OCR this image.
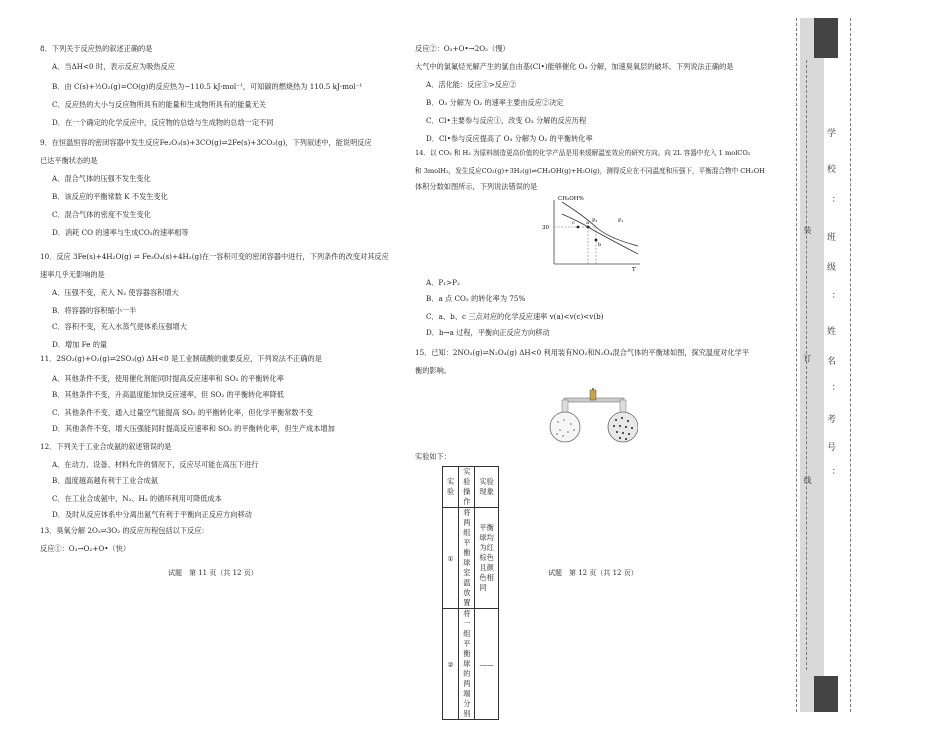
8．下列关于反应热的叙述正确的是
A．当ΔH<0 时，表示反应为吸热反应
B．由 C(s)+½O₂(g)=CO(g)的反应热为−110.5 kJ·mol⁻¹，可知碳的燃烧热为 110.5 kJ·mol⁻¹
C．反应热的大小与反应物所具有的能量和生成物所具有的能量无关
D．在一个确定的化学反应中，反应物的总焓与生成物的总焓一定不同
9．在恒温恒容的密闭容器中发生反应Fe₂O₃(s)+3CO(g)⇌2Fe(s)+3CO₂(g)，下列叙述中，能说明反应
已达平衡状态的是
A．混合气体的压强不发生变化
B．该反应的平衡常数 K 不发生变化
C．混合气体的密度不发生变化
D．消耗 CO 的速率与生成CO₂的速率相等
10．反应 3Fe(s)+4H₂O(g) ⇌ Fe₃O₄(s)+4H₂(g)在一容积可变的密闭容器中进行，下列条件的改变对其反应
速率几乎无影响的是
A．压强不变，充入 N₂ 使容器容积增大
B．将容器的容积缩小一半
C．容积不变，充入水蒸气使体系压强增大
D．增加 Fe 的量
11．2SO₂(g)+O₂(g)⇌2SO₃(g) ΔH<0 是工业制硫酸的重要反应，下列说法不正确的是
A．其他条件不变，使用催化剂能同时提高反应速率和 SO₂ 的平衡转化率
B．其他条件不变，升高温度能加快反应速率，但 SO₂ 的平衡转化率降低
C．其他条件不变，通入过量空气能提高 SO₂ 的平衡转化率，但化学平衡常数不变
D．其他条件不变，增大压强能同时提高反应速率和 SO₂ 的平衡转化率，但生产成本增加
12．下列关于工业合成氨的叙述错误的是
A．在动力、设备、材料允许的情况下，反应尽可能在高压下进行
B．温度越高越有利于工业合成氨
C．在工业合成氨中，N₂、H₂ 的循环利用可降低成本
D．及时从反应体系中分离出氨气有利于平衡向正反应方向移动
13．臭氧分解 2O₃⇌3O₂ 的反应历程包括以下反应：
反应①：O₃→O₂+O•（快）
试题　第 11 页（共 12 页）
反应②：O₃+O•→2O₂（慢）
大气中的氯氟烃光解产生的氯自由基(Cl•)能够催化 O₃ 分解，加速臭氧层的破坏。下列说法正确的是
A．活化能：反应①>反应②
B．O₃ 分解为 O₂ 的速率主要由反应②决定
C．Cl•主要参与反应①，改变 O₃ 分解的反应历程
D．Cl•参与反应提高了 O₃ 分解为 O₂ 的平衡转化率
14．以 CO₂ 和 H₂ 为原料制造更高价值的化学产品是用来缓解温室效应的研究方向。向 2L 容器中充入 1 molCO₂
和 3molH₂，发生反应CO₂(g)+3H₂(g)⇌CH₃OH(g)+H₂O(g)，测得反应在不同温度和压强下，平衡混合物中 CH₃OH
体积分数如图所示，下列说法错误的是
CH₃OH%
30
T
P₁
P₂
a
b
c
A．P₁>P₂
B．a 点 CO₂ 的转化率为 75%
C．a、b、c 三点对应的化学反应速率 v(a)<v(c)<v(b)
D．b→a 过程，平衡向正反应方向移动
15．已知：2NO₂(g)⇌N₂O₄(g) ΔH<0 利用装有NO₂和N₂O₄混合气体的平衡球如图，探究温度对化学平
衡的影响。
实验如下：
实验	实验操作	实验现象
①	将两组平衡球室温放置	平衡球均为红棕色且颜色相同
②	将一组平衡球的两端分别	——
试题　第 12 页（共 12 页）
学
校
：
班
级
：
姓
名
：
考
号
：
装
订
线
